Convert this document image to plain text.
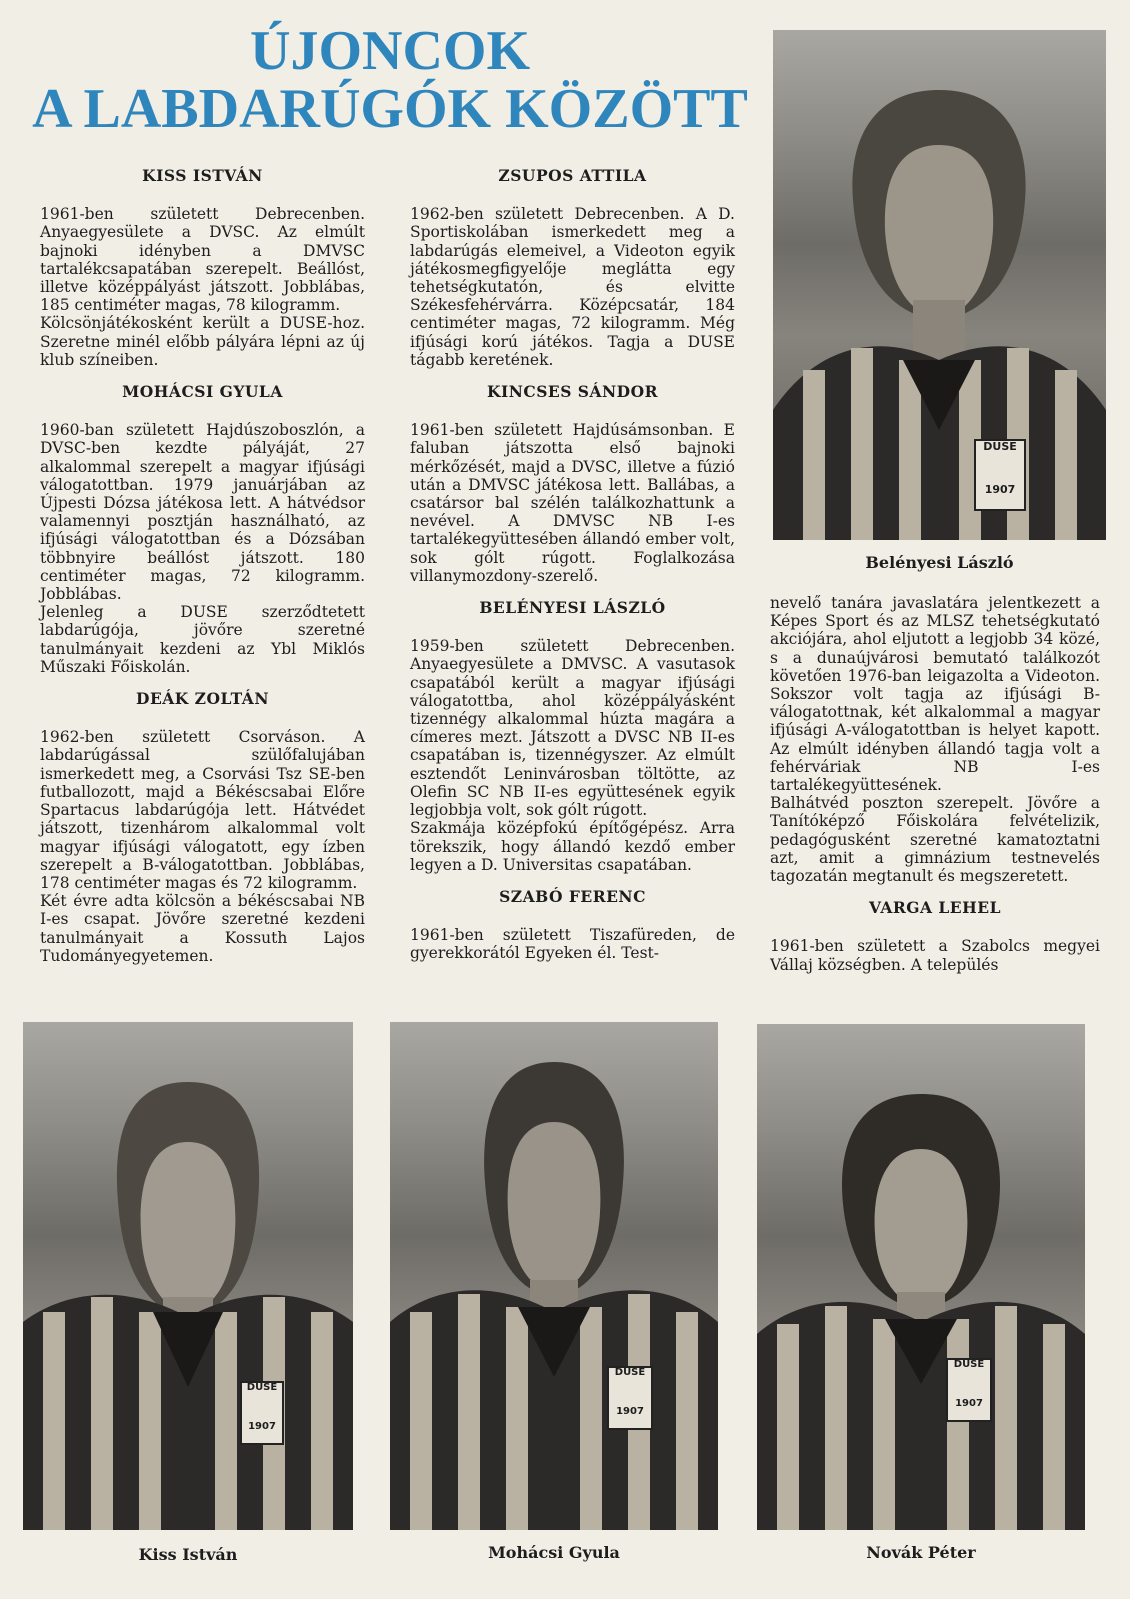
ÚJONCOK
A LABDARÚGÓK KÖZÖTT
KISS ISTVÁN

1961-ben született Debrecenben. Anyaegyesülete a DVSC. Az elmúlt bajnoki idényben a DMVSC tartalékcsapatában szerepelt. Beállóst, illetve középpályást játszott. Jobblábas, 185 centiméter magas, 78 kilogramm.

Kölcsönjátékosként került a DUSE-hoz. Szeretne minél előbb pályára lépni az új klub színeiben.

MOHÁCSI GYULA

1960-ban született Hajdúszoboszlón, a DVSC-ben kezdte pályáját, 27 alkalommal szerepelt a magyar ifjúsági válogatottban. 1979 januárjában az Újpesti Dózsa játékosa lett. A hátvédsor valamennyi posztján használható, az ifjúsági válogatottban és a Dózsában többnyire beállóst játszott. 180 centiméter magas, 72 kilogramm. Jobblábas.

Jelenleg a DUSE szerződtetett labdarúgója, jövőre szeretné tanulmányait kezdeni az Ybl Miklós Műszaki Főiskolán.

DEÁK ZOLTÁN

1962-ben született Csorváson. A labdarúgással szülőfalujában ismerkedett meg, a Csorvási Tsz SE-ben futballozott, majd a Békéscsabai Előre Spartacus labdarúgója lett. Hátvédet játszott, tizenhárom alkalommal volt magyar ifjúsági válogatott, egy ízben szerepelt a B-válogatottban. Jobblábas, 178 centiméter magas és 72 kilogramm.

Két évre adta kölcsön a békéscsabai NB I-es csapat. Jövőre szeretné kezdeni tanulmányait a Kossuth Lajos Tudományegyetemen.

ZSUPOS ATTILA

1962-ben született Debrecenben. A D. Sportiskolában ismerkedett meg a labdarúgás elemeivel, a Videoton egyik játékosmegfigyelője meglátta egy tehetségkutatón, és elvitte Székesfehérvárra. Középcsatár, 184 centiméter magas, 72 kilogramm. Még ifjúsági korú játékos. Tagja a DUSE tágabb keretének.

KINCSES SÁNDOR

1961-ben született Hajdúsámsonban. E faluban játszotta első bajnoki mérkőzését, majd a DVSC, illetve a fúzió után a DMVSC játékosa lett. Ballábas, a csatársor bal szélén találkozhattunk a nevével. A DMVSC NB I-es tartalékegyüttesében állandó ember volt, sok gólt rúgott. Foglalkozása villanymozdony-szerelő.

BELÉNYESI LÁSZLÓ

1959-ben született Debrecenben. Anyaegyesülete a DMVSC. A vasutasok csapatából került a magyar ifjúsági válogatottba, ahol középpályásként tizennégy alkalommal húzta magára a címeres mezt. Játszott a DVSC NB II-es csapatában is, tizennégyszer. Az elmúlt esztendőt Leninvárosban töltötte, az Olefin SC NB II-es együttesének egyik legjobbja volt, sok gólt rúgott.

Szakmája középfokú építőgépész. Arra törekszik, hogy állandó kezdő ember legyen a D. Universitas csapatában.

SZABÓ FERENC

1961-ben született Tiszafüreden, de gyerekkorától Egyeken él. Test-

nevelő tanára javaslatára jelentkezett a Képes Sport és az MLSZ tehetségkutató akciójára, ahol eljutott a legjobb 34 közé, s a dunaújvárosi bemutató találkozót követően 1976-ban leigazolta a Videoton. Sokszor volt tagja az ifjúsági B-válogatottnak, két alkalommal a magyar ifjúsági A-válogatottban is helyet kapott. Az elmúlt idényben állandó tagja volt a fehérváriak NB I-es tartalékegyüttesének.

Balhátvéd poszton szerepelt. Jövőre a Tanítóképző Főiskolára felvételizik, pedagógusként szeretné kamatoztatni azt, amit a gimnázium testnevelés tagozatán megtanult és megszeretett.

VARGA LEHEL

1961-ben született a Szabolcs megyei Vállaj községben. A település

DUSE
1907
Belényesi László
DUSE
1907
Kiss István
DUSE
1907
Mohácsi Gyula
DUSE
1907
Novák Péter
